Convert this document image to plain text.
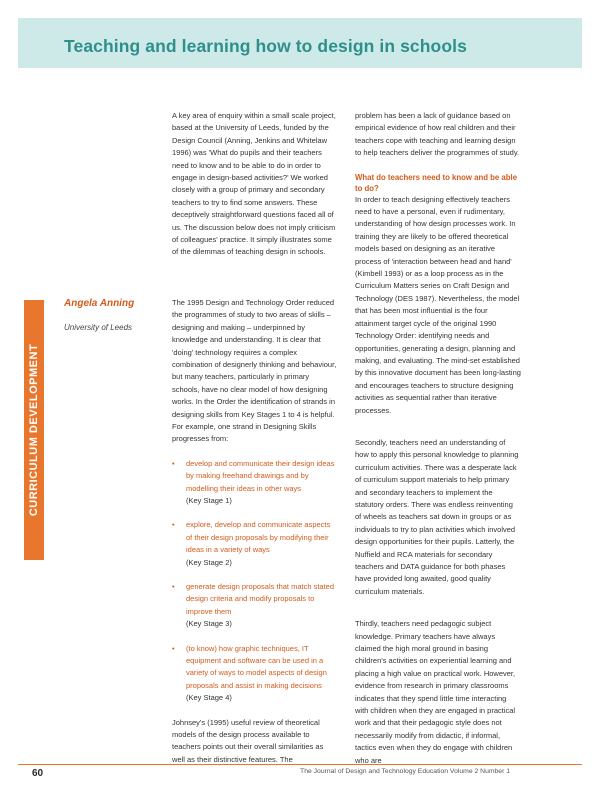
Teaching and learning how to design in schools
CURRICULUM DEVELOPMENT
Angela Anning
University of Leeds

A key area of enquiry within a small scale project, based at the University of Leeds, funded by the Design Council (Anning, Jenkins and Whitelaw 1996) was 'What do pupils and their teachers need to know and to be able to do in order to engage in design-based activities?' We worked closely with a group of primary and secondary teachers to try to find some answers. These deceptively straightforward questions faced all of us. The discussion below does not imply criticism of colleagues' practice. It simply illustrates some of the dilemmas of teaching design in schools.

The 1995 Design and Technology Order reduced the programmes of study to two areas of skills – designing and making – underpinned by knowledge and understanding. It is clear that 'doing' technology requires a complex combination of designerly thinking and behaviour, but many teachers, particularly in primary schools, have no clear model of how designing works. In the Order the identification of strands in designing skills from Key Stages 1 to 4 is helpful. For example, one strand in Designing Skills progresses from:

• develop and communicate their design ideas by making freehand drawings and by modelling their ideas in other ways
(Key Stage 1)
• explore, develop and communicate aspects of their design proposals by modifying their ideas in a variety of ways
(Key Stage 2)
• generate design proposals that match stated design criteria and modify proposals to improve them
(Key Stage 3)
• (to know) how graphic techniques, IT equipment and software can be used in a variety of ways to model aspects of design proposals and assist in making decisions
(Key Stage 4)

Johnsey's (1995) useful review of theoretical models of the design process available to teachers points out their overall similarities as well as their distinctive features. The

problem has been a lack of guidance based on empirical evidence of how real children and their teachers cope with teaching and learning design to help teachers deliver the programmes of study.

What do teachers need to know and be able to do?

In order to teach designing effectively teachers need to have a personal, even if rudimentary, understanding of how design processes work. In training they are likely to be offered theoretical models based on designing as an iterative process of 'interaction between head and hand' (Kimbell 1993) or as a loop process as in the Curriculum Matters series on Craft Design and Technology (DES 1987). Nevertheless, the model that has been most influential is the four attainment target cycle of the original 1990 Technology Order: identifying needs and opportunities, generating a design, planning and making, and evaluating. The mind-set established by this innovative document has been long-lasting and encourages teachers to structure designing activities as sequential rather than iterative processes.

Secondly, teachers need an understanding of how to apply this personal knowledge to planning curriculum activities. There was a desperate lack of curriculum support materials to help primary and secondary teachers to implement the statutory orders. There was endless reinventing of wheels as teachers sat down in groups or as individuals to try to plan activities which involved design opportunities for their pupils. Latterly, the Nuffield and RCA materials for secondary teachers and DATA guidance for both phases have provided long awaited, good quality curriculum materials.

Thirdly, teachers need pedagogic subject knowledge. Primary teachers have always claimed the high moral ground in basing children's activities on experiential learning and placing a high value on practical work. However, evidence from research in primary classrooms indicates that they spend little time interacting with children when they are engaged in practical work and that their pedagogic style does not necessarily modify from didactic, if informal, tactics even when they do engage with children who are

60	The Journal of Design and Technology Education Volume 2 Number 1
